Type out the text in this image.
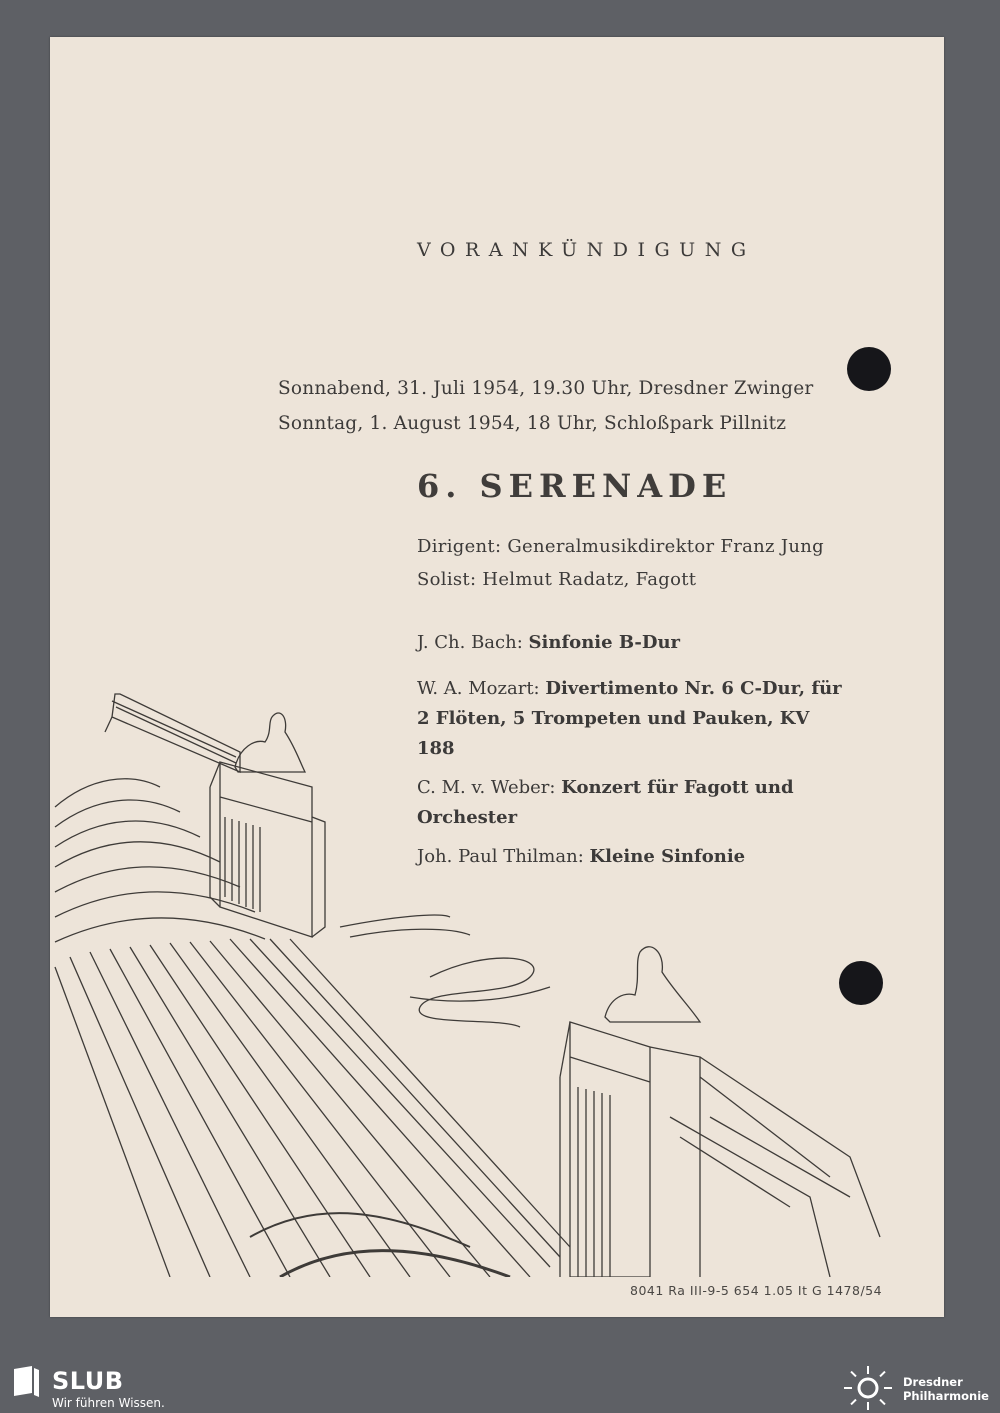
VORANKÜNDIGUNG
Sonnabend, 31. Juli 1954, 19.30 Uhr, Dresdner Zwinger
Sonntag, 1. August 1954, 18 Uhr, Schloßpark Pillnitz
6. SERENADE
Dirigent: Generalmusikdirektor Franz Jung
Solist: Helmut Radatz, Fagott
J. Ch. Bach: Sinfonie B-Dur
W. A. Mozart: Divertimento Nr. 6 C-Dur, für 2 Flöten, 5 Trompeten und Pauken, KV 188
C. M. v. Weber: Konzert für Fagott und Orchester
Joh. Paul Thilman: Kleine Sinfonie
8041 Ra III-9-5 654 1.05 It G 1478/54
SLUB
Wir führen Wissen.
Dresdner
Philharmonie
